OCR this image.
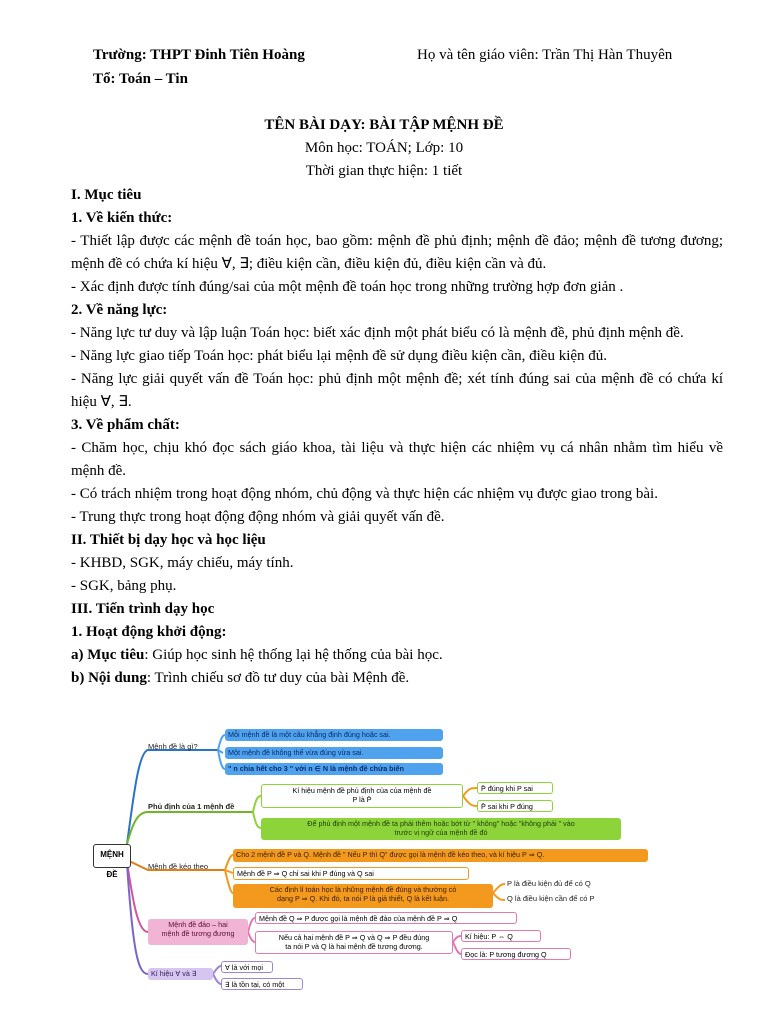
Trường: THPT Đinh Tiên Hoàng
Tổ: Toán – Tin
Họ và tên giáo viên: Trần Thị Hàn Thuyên
TÊN BÀI DẠY: BÀI TẬP MỆNH ĐỀ
Môn học: TOÁN; Lớp: 10
Thời gian thực hiện: 1 tiết

I. Mục tiêu

1. Về kiến thức:

- Thiết lập được các mệnh đề toán học, bao gồm: mệnh đề phủ định; mệnh đề đảo; mệnh đề tương đương; mệnh đề có chứa kí hiệu ∀, ∃; điều kiện cần, điều kiện đủ, điều kiện cần và đủ.

- Xác định được tính đúng/sai của một mệnh đề toán học trong những trường hợp đơn giản .

2. Về năng lực:

- Năng lực tư duy và lập luận Toán học: biết xác định một phát biểu có là mệnh đề, phủ định mệnh đề.

- Năng lực giao tiếp Toán học: phát biểu lại mệnh đề sử dụng điều kiện cần, điều kiện đủ.

- Năng lực giải quyết vấn đề Toán học: phủ định một mệnh đề; xét tính đúng sai của mệnh đề có chứa kí hiệu ∀, ∃.

3. Về phẩm chất:

- Chăm học, chịu khó đọc sách giáo khoa, tài liệu và thực hiện các nhiệm vụ cá nhân nhằm tìm hiểu về mệnh đề.

- Có trách nhiệm trong hoạt động nhóm, chủ động và thực hiện các nhiệm vụ được giao trong bài.

- Trung thực trong hoạt động động nhóm và giải quyết vấn đề.

II. Thiết bị dạy học và học liệu

- KHBD, SGK, máy chiếu, máy tính.

- SGK, bảng phụ.

III. Tiến trình dạy học

1. Hoạt động khởi động:

a) Mục tiêu: Giúp học sinh hệ thống lại hệ thống của bài học.

b) Nội dung: Trình chiếu sơ đồ tư duy của bài Mệnh đề.

MỆNH ĐỀ
Mệnh đề là gì?
Mỗi mệnh đề là một câu khẳng định đúng hoặc sai.
Một mệnh đề không thể vừa đúng vừa sai.
" n chia hết cho 3 " với n ∈ N là mệnh đề chứa biến
Phủ định của 1 mệnh đề
Kí hiệu mệnh đề phủ định của của mệnh đề
P là P̄
P̄ đúng khi P sai
P̄ sai khi P đúng
Để phủ định một mệnh đề ta phải thêm hoặc bớt từ " không" hoặc "không phải " vào
trước vị ngữ của mệnh đề đó
Mệnh đề kéo theo
Cho 2 mệnh đề P và Q. Mệnh đề " Nếu P thì Q" được gọi là mệnh đề kéo theo, và kí hiệu P ⇒ Q.
Mệnh đề P ⇒ Q chỉ sai khi P đúng và Q sai
Các định lí toán học là những mệnh đề đúng và thường có
dạng P ⇒ Q. Khi đó, ta nói P là giả thiết, Q là kết luận.
P là điều kiện đủ để có Q
Q là điều kiện cần để có P
Mệnh đề đảo – hai
mệnh đề tương đương
Mệnh đề Q ⇒ P được gọi là mệnh đề đảo của mệnh đề P ⇒ Q
Nếu cả hai mệnh đề P ⇒ Q và Q ⇒ P đều đúng
ta nói P và Q là hai mệnh đề tương đương.
Kí hiệu: P ⇔ Q
Đọc là: P tương đương Q
Kí hiệu ∀ và ∃
∀ là với mọi
∃ là tồn tại, có một
